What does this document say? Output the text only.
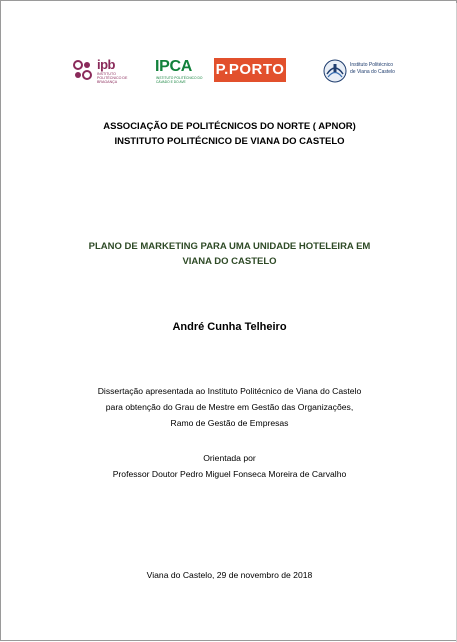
ipb
INSTITUTO POLITÉCNICO DE BRAGANÇA
IPCA
INSTITUTO POLITÉCNICO DO CÁVADO E DO AVE
P.PORTO	Instituto Politécnico
de Viana do Castelo
ASSOCIAÇÃO DE POLITÉCNICOS DO NORTE ( APNOR)
INSTITUTO POLITÉCNICO DE VIANA DO CASTELO
PLANO DE MARKETING PARA UMA UNIDADE HOTELEIRA EM
VIANA DO CASTELO
André Cunha Telheiro
Dissertação apresentada ao Instituto Politécnico de Viana do Castelo
para obtenção do Grau de Mestre em Gestão das Organizações,
Ramo de Gestão de Empresas
Orientada por
Professor Doutor Pedro Miguel Fonseca Moreira de Carvalho
Viana do Castelo, 29 de novembro de 2018
